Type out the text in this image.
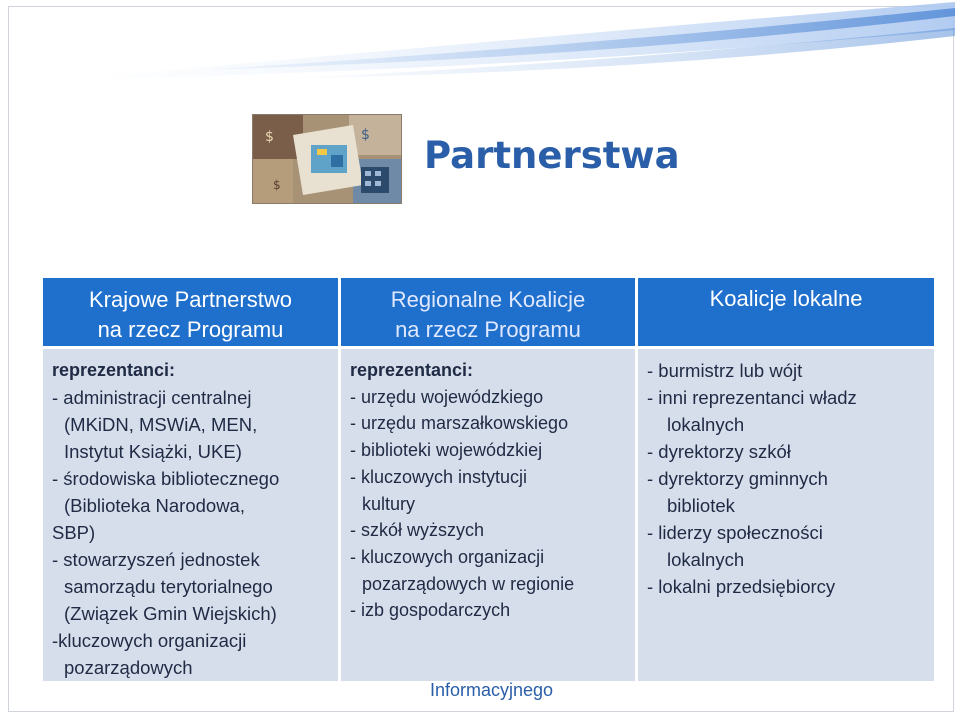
$	$
$
Partnerstwa
Krajowe Partnerstwo
na rzecz Programu
reprezentanci:
- administracji centralnej
(MKiDN, MSWiA, MEN,
Instytut Książki, UKE)
- środowiska bibliotecznego
(Biblioteka Narodowa,
SBP)
- stowarzyszeń jednostek
samorządu terytorialnego
(Związek Gmin Wiejskich)
-kluczowych organizacji
pozarządowych
Regionalne Koalicje
na rzecz Programu
reprezentanci:
- urzędu wojewódzkiego
- urzędu marszałkowskiego
- biblioteki wojewódzkiej
- kluczowych instytucji
kultury
- szkół wyższych
- kluczowych organizacji
pozarządowych w regionie
- izb gospodarczych
Koalicje lokalne
- burmistrz lub wójt
- inni reprezentanci władz
lokalnych
- dyrektorzy szkół
- dyrektorzy gminnych
bibliotek
- liderzy społeczności
lokalnych
- lokalni przedsiębiorcy
Informacyjnego
